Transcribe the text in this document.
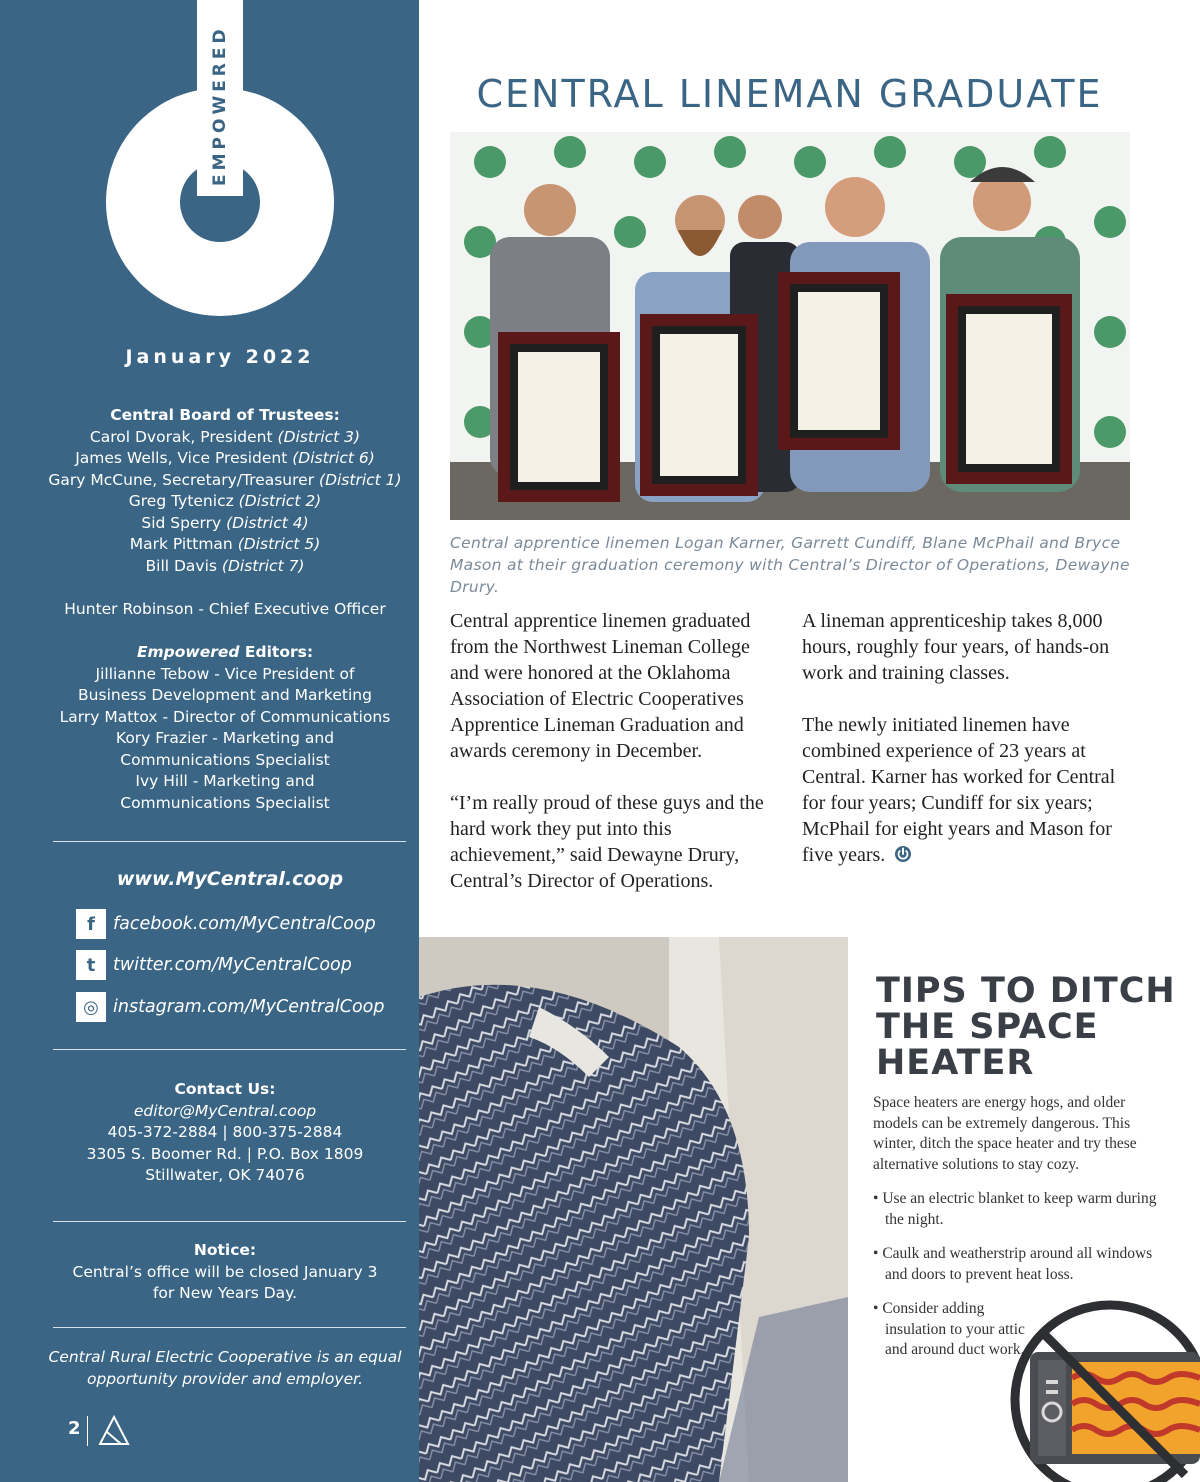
EMPOWERED
January 2022
Central Board of Trustees:
Carol Dvorak, President (District 3)
James Wells, Vice President (District 6)
Gary McCune, Secretary/Treasurer (District 1)
Greg Tytenicz (District 2)
Sid Sperry (District 4)
Mark Pittman (District 5)
Bill Davis (District 7)
Hunter Robinson - Chief Executive Officer
Empowered Editors:
Jillianne Tebow - Vice President of
Business Development and Marketing
Larry Mattox - Director of Communications
Kory Frazier - Marketing and
Communications Specialist
Ivy Hill - Marketing and
Communications Specialist
www.MyCentral.coop
f	facebook.com/MyCentralCoop
t	twitter.com/MyCentralCoop
◎ instagram.com/MyCentralCoop
Contact Us:
editor@MyCentral.coop
405-372-2884 | 800-375-2884
3305 S. Boomer Rd. | P.O. Box 1809
Stillwater, OK 74076
Notice:
Central’s office will be closed January 3
for New Years Day.
Central Rural Electric Cooperative is an equal
opportunity provider and employer.
2
CENTRAL LINEMAN GRADUATE
Central apprentice linemen Logan Karner, Garrett Cundiff, Blane McPhail and Bryce Mason at their graduation ceremony with Central’s Director of Operations, Dewayne Drury.

Central apprentice linemen graduated from the Northwest Lineman College and were honored at the Oklahoma Association of Electric Cooperatives Apprentice Lineman Graduation and awards ceremony in December.

“I’m really proud of these guys and the hard work they put into this achievement,” said Dewayne Drury, Central’s Director of Operations.

A lineman apprenticeship takes 8,000 hours, roughly four years, of hands-on work and training classes.

The newly initiated linemen have combined experience of 23 years at Central. Karner has worked for Central for four years; Cundiff for six years; McPhail for eight years and Mason for five years.

TIPS TO DITCH THE SPACE HEATER

Space heaters are energy hogs, and older models can be extremely dangerous. This winter, ditch the space heater and try these alternative solutions to stay cozy.

• Use an electric blanket to keep warm during the night.
• Caulk and weatherstrip around all windows and doors to prevent heat loss.
• Consider adding insulation to your attic and around duct work.
